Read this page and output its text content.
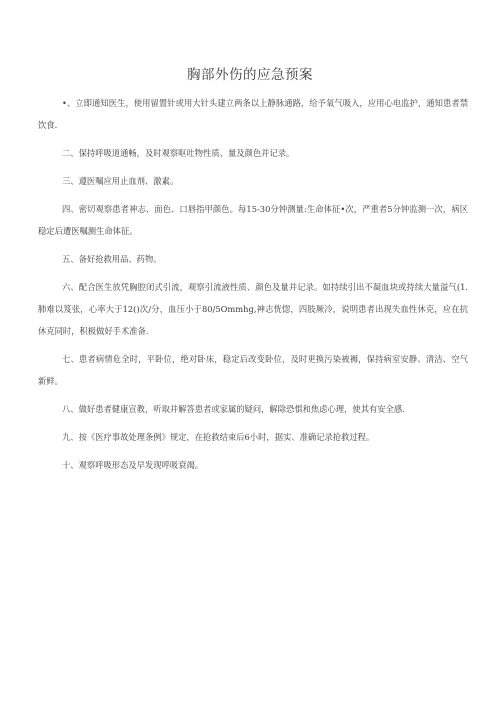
胸部外伤的应急预案

•、立即通知医生，使用留置针或用大针头建立两条以上静脉通路，给予氧气吸入，应用心电监护，通知患者禁饮食.

二、保持呼吸道通畅，及时观察呕吐物性质、量及颜色并记录。

三、遵医嘱应用止血剂、激素。

四、密切观察患者神志、面色、口唇指甲颜色。每15-30分钟测量:生命体征•次，严重者5分钟监测一次，病区稳定后遭医嘱测生命体征。

五、备好抢救用品、药物。

六、配合医生放凭胸腔闭式引流，观察引流液性质、颜色及量并记录。如持续引出不凝血块或持续大量溢气(1.肺难以笈张，心率大于12()次/分，血压小于80/5Ommhg,神志恍惚，四肢厥冷，说明患者出现失血性休克，应在抗休克同时，积极做好手术准备.

七、患者病情危全时，平卧位，绝对卧床，稳定后改变卧位，及时更换污染被褥，保持病室安静、清洁、空气新鲜。

八、做好患者健康宣教，听取并解答患者或家属的疑问，解除恐惧和焦虑心理，使其有安全感.

九、按《医疗事故处理条例》规定，在抢救结束后6小时，据实、准确记录抢救过程。

十、观察呼吸形态及早发现呼吸衰竭。
